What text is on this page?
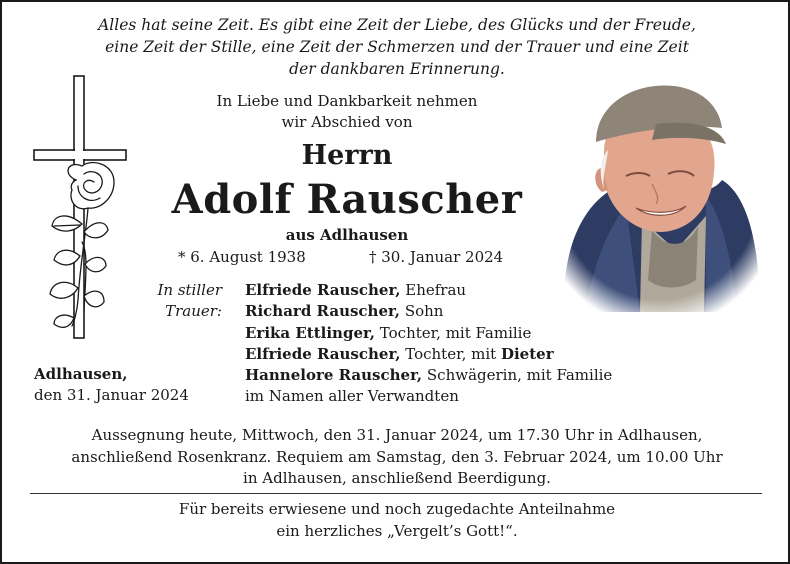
Alles hat seine Zeit. Es gibt eine Zeit der Liebe, des Glücks und der Freude,
eine Zeit der Stille, eine Zeit der Schmerzen und der Trauer und eine Zeit
der dankbaren Erinnerung.
In Liebe und Dankbarkeit nehmen
wir Abschied von
Herrn
Adolf Rauscher
aus Adlhausen
* 6. August 1938	† 30. Januar 2024
In stiller
Trauer:
Elfriede Rauscher, Ehefrau
Richard Rauscher, Sohn
Erika Ettlinger, Tochter, mit Familie
Elfriede Rauscher, Tochter, mit Dieter
Hannelore Rauscher, Schwägerin, mit Familie
im Namen aller Verwandten
Adlhausen,
den 31. Januar 2024
Aussegnung heute, Mittwoch, den 31. Januar 2024, um 17.30 Uhr in Adlhausen,
anschließend Rosenkranz. Requiem am Samstag, den 3. Februar 2024, um 10.00 Uhr
in Adlhausen, anschließend Beerdigung.
Für bereits erwiesene und noch zugedachte Anteilnahme
ein herzliches „Vergelt’s Gott!“.
